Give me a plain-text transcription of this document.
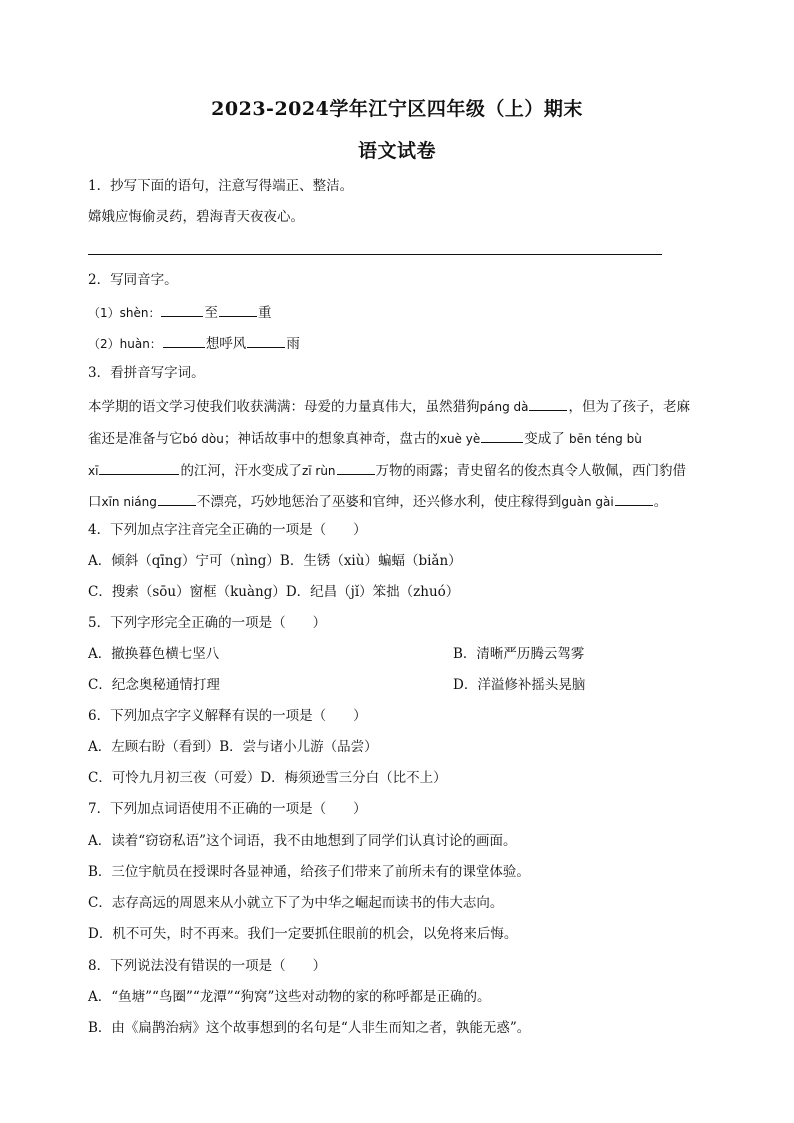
2023-2024学年江宁区四年级（上）期末
语文试卷
1．抄写下面的语句，注意写得端正、整洁。
嫦娥应悔偷灵药，碧海青天夜夜心。
2．写同音字。
（1）shèn：	至	重
（2）huàn：	想呼风	雨
3．看拼音写字词。
本学期的语文学习使我们收获满满：母爱的力量真伟大，虽然猎狗páng dà	，但为了孩子，老麻
雀还是准备与它bó dòu；神话故事中的想象真神奇，盘古的xuè yè	变成了 bēn téng bù
xī	的江河，汗水变成了zī rùn	万物的雨露；青史留名的俊杰真令人敬佩，西门豹借
口xīn niáng	不漂亮，巧妙地惩治了巫婆和官绅，还兴修水利，使庄稼得到guàn gài	。
4．下列加点字注音完全正确的一项是（　　）
A．倾斜（qīng）宁可（nìng）B．生锈（xiù）蝙蝠（biǎn）
C．搜索（sōu）窗框（kuàng）D．纪昌（jǐ）笨拙（zhuó）
5．下列字形完全正确的一项是（　　）
A．撤换暮色横七坚八	B．清晰严历腾云驾雾
C．纪念奥秘通情打理	D．洋溢修补摇头晃脑
6．下列加点字字义解释有误的一项是（　　）
A．左顾右盼（看到）B．尝与诸小儿游（品尝）
C．可怜九月初三夜（可爱）D．梅须逊雪三分白（比不上）
7．下列加点词语使用不正确的一项是（　　）
A．读着“窃窃私语”这个词语，我不由地想到了同学们认真讨论的画面。
B．三位宇航员在授课时各显神通，给孩子们带来了前所未有的课堂体验。
C．志存高远的周恩来从小就立下了为中华之崛起而读书的伟大志向。
D．机不可失，时不再来。我们一定要抓住眼前的机会，以免将来后悔。
8．下列说法没有错误的一项是（　　）
A．“鱼塘”“鸟圈”“龙潭”“狗窝”这些对动物的家的称呼都是正确的。
B．由《扁鹊治病》这个故事想到的名句是“人非生而知之者，孰能无惑”。
